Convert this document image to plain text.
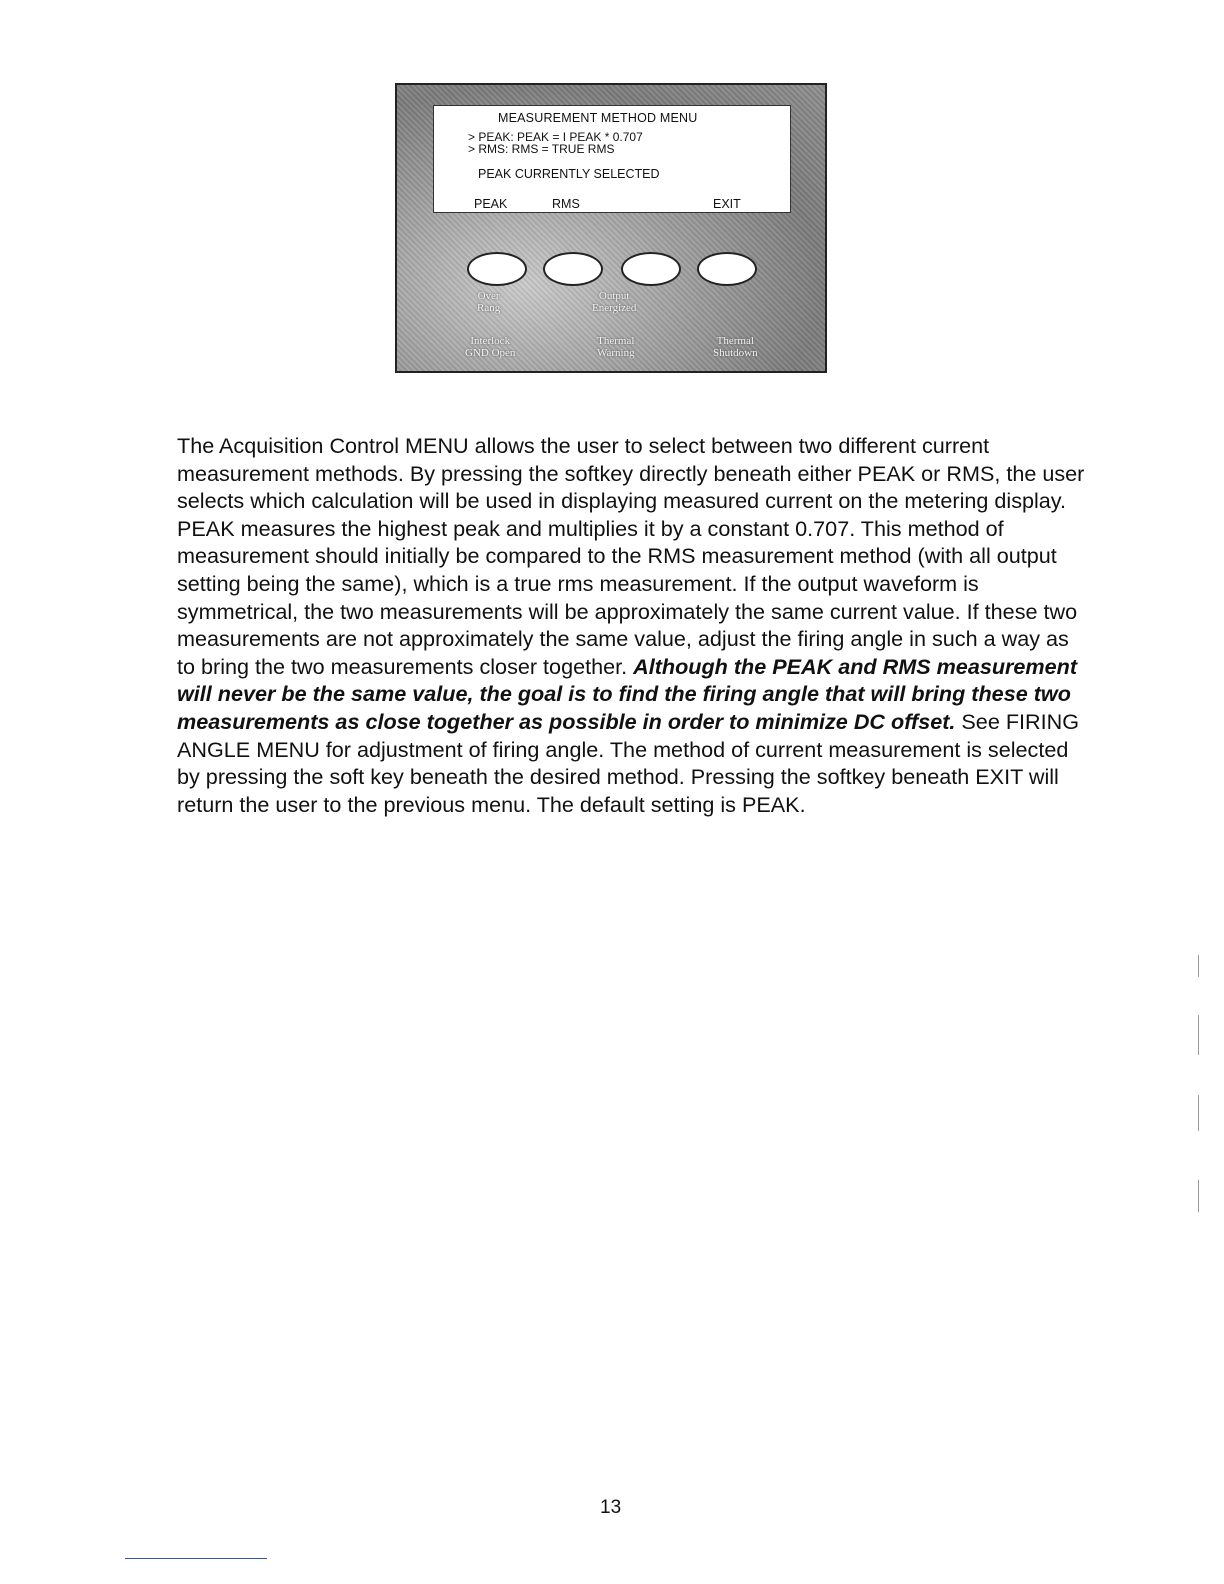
MEASUREMENT METHOD MENU
> PEAK: PEAK = I PEAK * 0.707
> RMS: RMS = TRUE RMS
PEAK CURRENTLY SELECTED
PEAK	RMS	EXIT
Over
Rang
Output
Energized
Interlock
GND Open
Thermal
Warning
Thermal
Shutdown

The Acquisition Control MENU allows the user to select between two different current measurement methods. By pressing the softkey directly beneath either PEAK or RMS, the user selects which calculation will be used in displaying measured current on the metering display. PEAK measures the highest peak and multiplies it by a constant 0.707. This method of measurement should initially be compared to the RMS measurement method (with all output setting being the same), which is a true rms measurement. If the output waveform is symmetrical, the two measurements will be approximately the same current value. If these two measurements are not approximately the same value, adjust the firing angle in such a way as to bring the two measurements closer together. Although the PEAK and RMS measurement will never be the same value, the goal is to find the firing angle that will bring these two measurements as close together as possible in order to minimize DC offset. See FIRING ANGLE MENU for adjustment of firing angle. The method of current measurement is selected by pressing the soft key beneath the desired method. Pressing the softkey beneath EXIT will return the user to the previous menu. The default setting is PEAK.

13
